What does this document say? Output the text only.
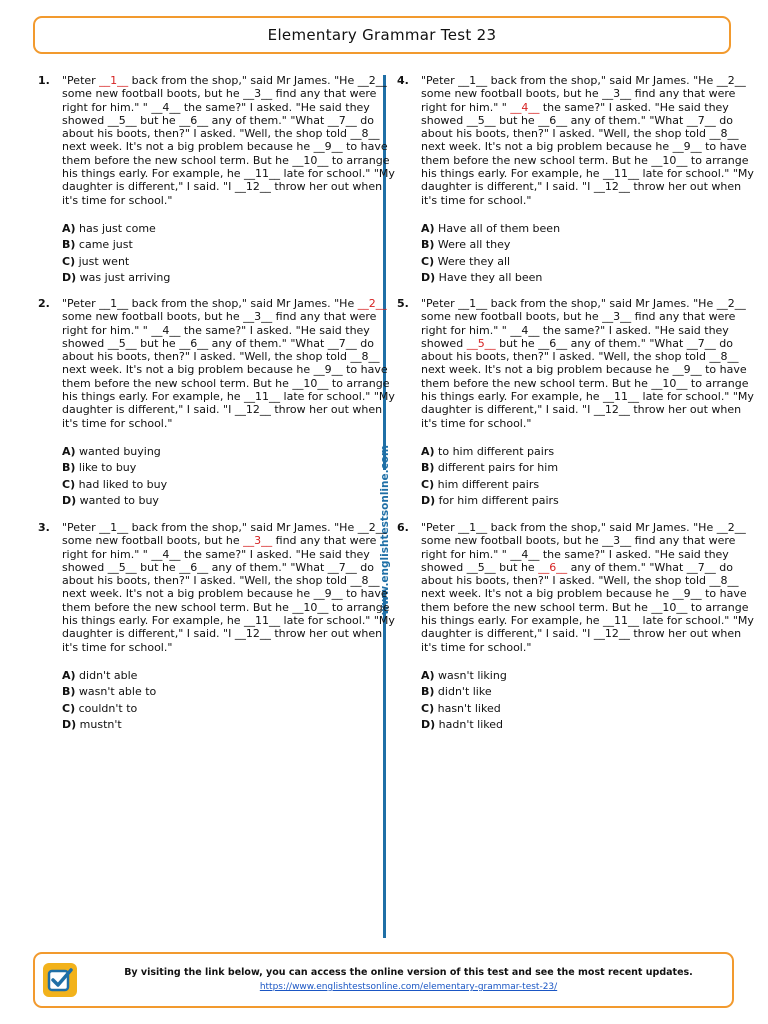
Elementary Grammar Test 23
www.englishtestsonline.com
1. "Peter __1__ back from the shop," said Mr James. "He __2__ some new football boots, but he __3__ find any that were right for him." " __4__ the same?" I asked. "He said they showed __5__ but he __6__ any of them." "What __7__ do about his boots, then?" I asked. "Well, the shop told __8__ next week. It's not a big problem because he __9__ to have them before the new school term. But he __10__ to arrange his things early. For example, he __11__ late for school." "My daughter is different," I said. "I __12__ throw her out when it's time for school."
A) has just come
B) came just
C) just went
D) was just arriving
2. "Peter __1__ back from the shop," said Mr James. "He __2__ some new football boots, but he __3__ find any that were right for him." " __4__ the same?" I asked. "He said they showed __5__ but he __6__ any of them." "What __7__ do about his boots, then?" I asked. "Well, the shop told __8__ next week. It's not a big problem because he __9__ to have them before the new school term. But he __10__ to arrange his things early. For example, he __11__ late for school." "My daughter is different," I said. "I __12__ throw her out when it's time for school."
A) wanted buying
B) like to buy
C) had liked to buy
D) wanted to buy
3. "Peter __1__ back from the shop," said Mr James. "He __2__ some new football boots, but he __3__ find any that were right for him." " __4__ the same?" I asked. "He said they showed __5__ but he __6__ any of them." "What __7__ do about his boots, then?" I asked. "Well, the shop told __8__ next week. It's not a big problem because he __9__ to have them before the new school term. But he __10__ to arrange his things early. For example, he __11__ late for school." "My daughter is different," I said. "I __12__ throw her out when it's time for school."
A) didn't able
B) wasn't able to
C) couldn't to
D) mustn't
4. "Peter __1__ back from the shop," said Mr James. "He __2__ some new football boots, but he __3__ find any that were right for him." " __4__ the same?" I asked. "He said they showed __5__ but he __6__ any of them." "What __7__ do about his boots, then?" I asked. "Well, the shop told __8__ next week. It's not a big problem because he __9__ to have them before the new school term. But he __10__ to arrange his things early. For example, he __11__ late for school." "My daughter is different," I said. "I __12__ throw her out when it's time for school."
A) Have all of them been
B) Were all they
C) Were they all
D) Have they all been
5. "Peter __1__ back from the shop," said Mr James. "He __2__ some new football boots, but he __3__ find any that were right for him." " __4__ the same?" I asked. "He said they showed __5__ but he __6__ any of them." "What __7__ do about his boots, then?" I asked. "Well, the shop told __8__ next week. It's not a big problem because he __9__ to have them before the new school term. But he __10__ to arrange his things early. For example, he __11__ late for school." "My daughter is different," I said. "I __12__ throw her out when it's time for school."
A) to him different pairs
B) different pairs for him
C) him different pairs
D) for him different pairs
6. "Peter __1__ back from the shop," said Mr James. "He __2__ some new football boots, but he __3__ find any that were right for him." " __4__ the same?" I asked. "He said they showed __5__ but he __6__ any of them." "What __7__ do about his boots, then?" I asked. "Well, the shop told __8__ next week. It's not a big problem because he __9__ to have them before the new school term. But he __10__ to arrange his things early. For example, he __11__ late for school." "My daughter is different," I said. "I __12__ throw her out when it's time for school."
A) wasn't liking
B) didn't like
C) hasn't liked
D) hadn't liked
By visiting the link below, you can access the online version of this test and see the most recent updates.
https://www.englishtestsonline.com/elementary-grammar-test-23/
